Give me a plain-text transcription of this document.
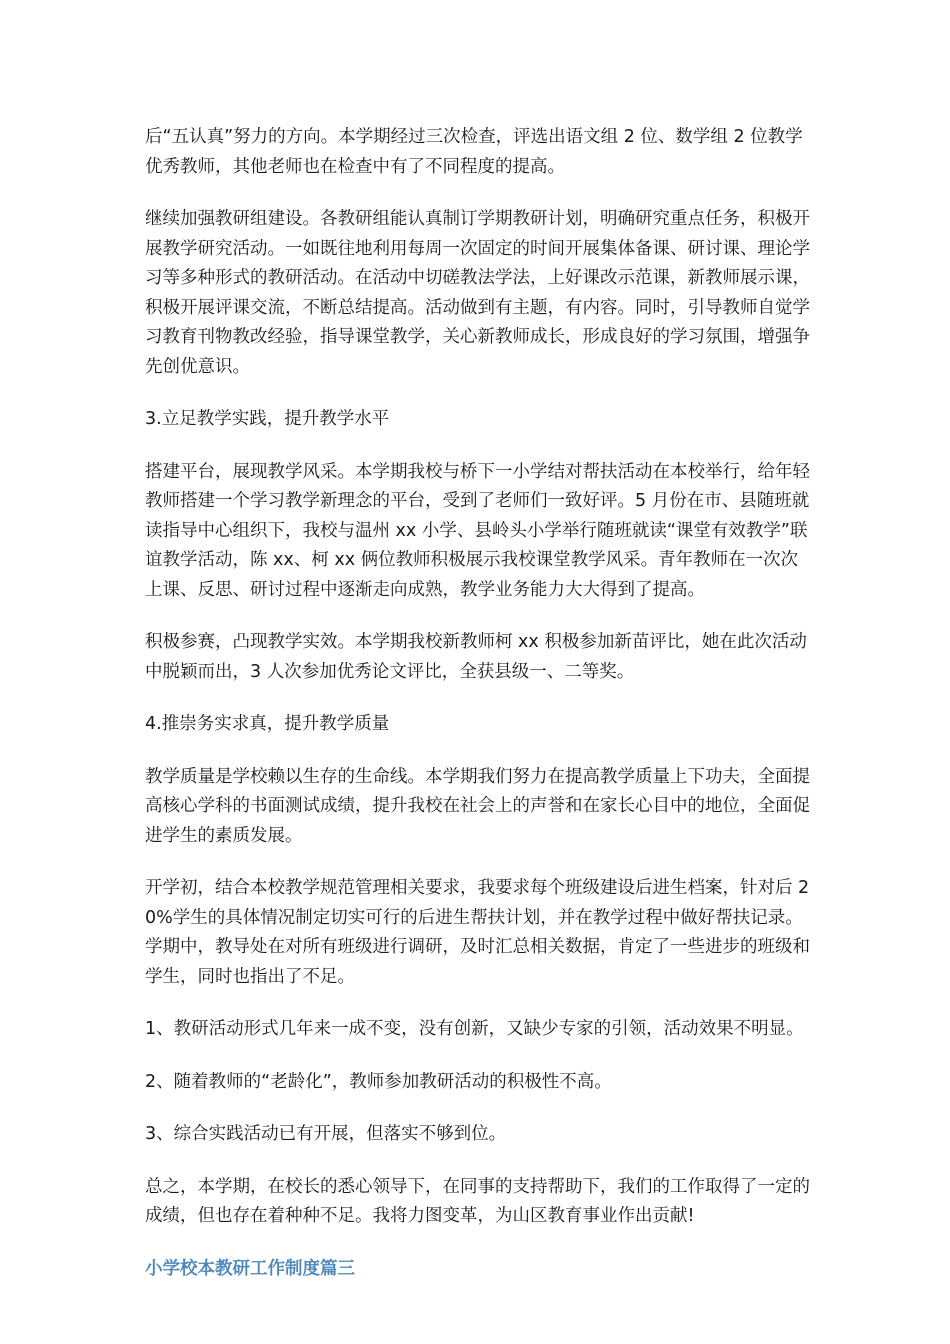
后“五认真”努力的方向。本学期经过三次检查，评选出语文组 2 位、数学组 2 位教学优秀教师，其他老师也在检查中有了不同程度的提高。

继续加强教研组建设。各教研组能认真制订学期教研计划，明确研究重点任务，积极开展教学研究活动。一如既往地利用每周一次固定的时间开展集体备课、研讨课、理论学习等多种形式的教研活动。在活动中切磋教法学法，上好课改示范课，新教师展示课，积极开展评课交流，不断总结提高。活动做到有主题，有内容。同时，引导教师自觉学习教育刊物教改经验，指导课堂教学，关心新教师成长，形成良好的学习氛围，增强争先创优意识。

3.立足教学实践，提升教学水平

搭建平台，展现教学风采。本学期我校与桥下一小学结对帮扶活动在本校举行，给年轻教师搭建一个学习教学新理念的平台，受到了老师们一致好评。5 月份在市、县随班就读指导中心组织下，我校与温州 xx 小学、县岭头小学举行随班就读“课堂有效教学”联谊教学活动，陈 xx、柯 xx 俩位教师积极展示我校课堂教学风采。青年教师在一次次上课、反思、研讨过程中逐渐走向成熟，教学业务能力大大得到了提高。

积极参赛，凸现教学实效。本学期我校新教师柯 xx 积极参加新苗评比，她在此次活动中脱颖而出，3 人次参加优秀论文评比，全获县级一、二等奖。

4.推崇务实求真，提升教学质量

教学质量是学校赖以生存的生命线。本学期我们努力在提高教学质量上下功夫，全面提高核心学科的书面测试成绩，提升我校在社会上的声誉和在家长心目中的地位，全面促进学生的素质发展。

开学初，结合本校教学规范管理相关要求，我要求每个班级建设后进生档案，针对后 20%学生的具体情况制定切实可行的后进生帮扶计划，并在教学过程中做好帮扶记录。学期中，教导处在对所有班级进行调研，及时汇总相关数据，肯定了一些进步的班级和学生，同时也指出了不足。

1、教研活动形式几年来一成不变，没有创新，又缺少专家的引领，活动效果不明显。

2、随着教师的“老龄化”，教师参加教研活动的积极性不高。

3、综合实践活动已有开展，但落实不够到位。

总之，本学期，在校长的悉心领导下，在同事的支持帮助下，我们的工作取得了一定的成绩，但也存在着种种不足。我将力图变革，为山区教育事业作出贡献!

小学校本教研工作制度篇三
